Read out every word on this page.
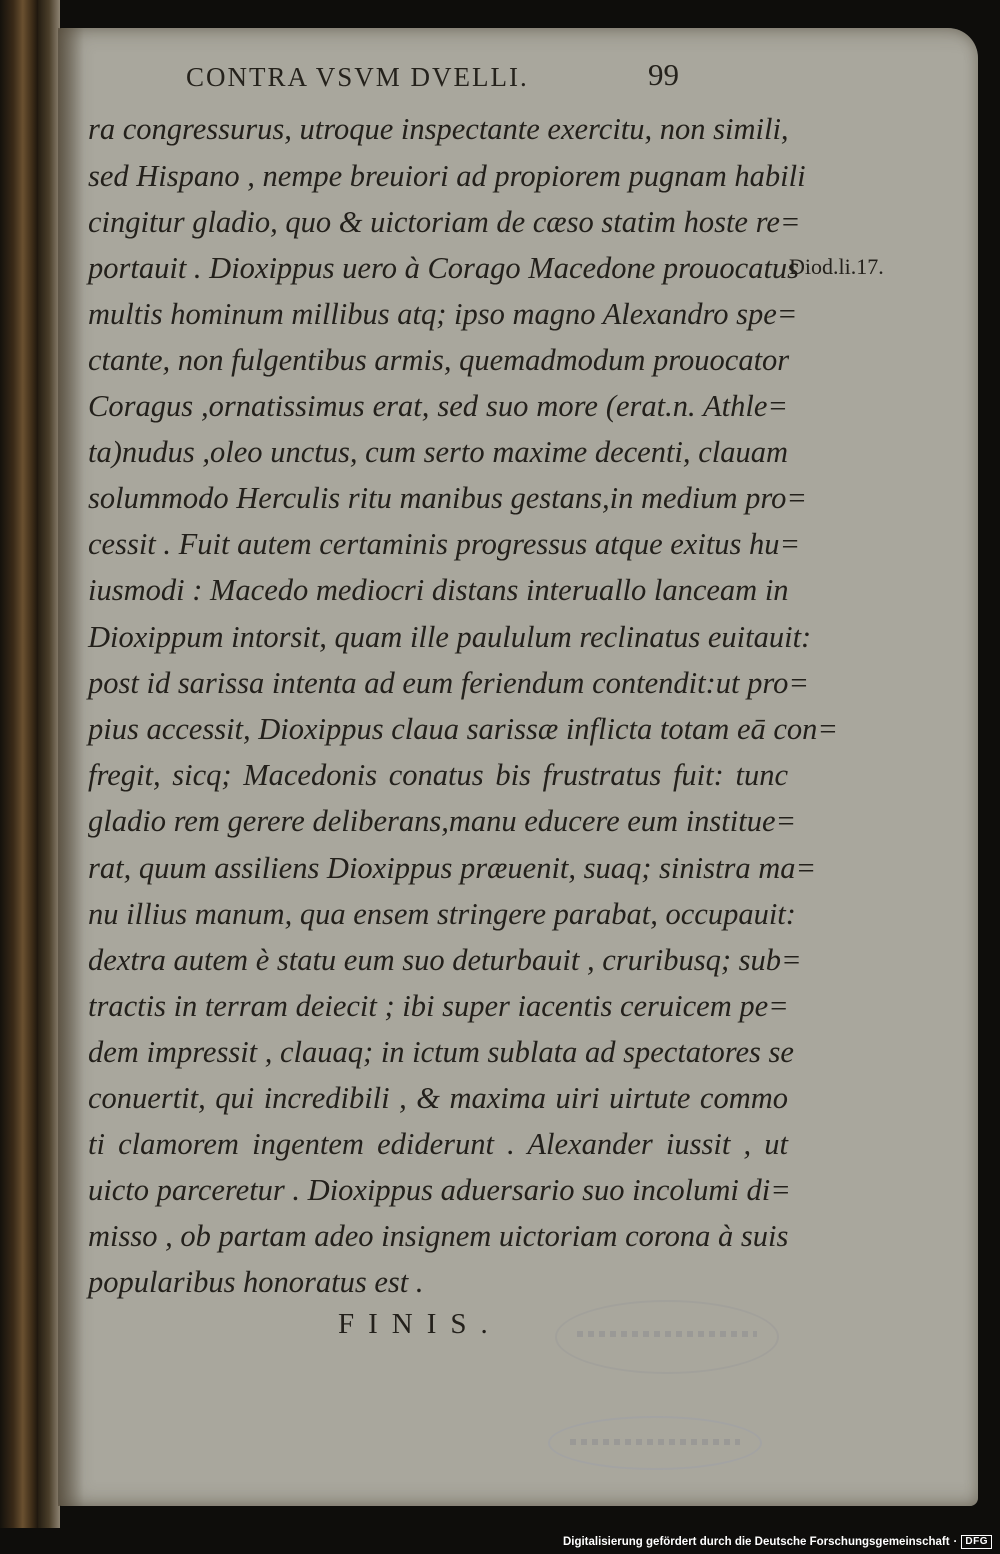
CONTRA VSVM DVELLI.	99
ra congressurus, utroque inspectante exercitu, non simili,
sed Hispano , nempe breuiori ad propiorem pugnam habili
cingitur gladio, quo & uictoriam de cæso statim hoste re=
portauit . Dioxippus uero à Corago Macedone prouocatus
multis hominum millibus atq; ipso magno Alexandro spe=
ctante, non fulgentibus armis, quemadmodum prouocator
Coragus ,ornatissimus erat, sed suo more (erat.n. Athle=
ta)nudus ,oleo unctus, cum serto maxime decenti, clauam
solummodo Herculis ritu manibus gestans,in medium pro=
cessit . Fuit autem certaminis progressus atque exitus hu=
iusmodi : Macedo mediocri distans interuallo lanceam in
Dioxippum intorsit, quam ille paululum reclinatus euitauit:
post id sarissa intenta ad eum feriendum contendit:ut pro=
pius accessit, Dioxippus claua sarissæ inflicta totam eā con=
fregit, sicq; Macedonis conatus bis frustratus fuit: tunc
gladio rem gerere deliberans,manu educere eum institue=
rat, quum assiliens Dioxippus præuenit, suaq; sinistra ma=
nu illius manum, qua ensem stringere parabat, occupauit:
dextra autem è statu eum suo deturbauit , cruribusq; sub=
tractis in terram deiecit ; ibi super iacentis ceruicem pe=
dem impressit , clauaq; in ictum sublata ad spectatores se
conuertit, qui incredibili , & maxima uiri uirtute commo
ti clamorem ingentem ediderunt . Alexander iussit , ut
uicto parceretur . Dioxippus aduersario suo incolumi di=
misso , ob partam adeo insignem uictoriam corona à suis
popularibus honoratus est .
Diod.li.17.
FINIS.
Digitalisierung gefördert durch die Deutsche Forschungsgemeinschaft · DFG
